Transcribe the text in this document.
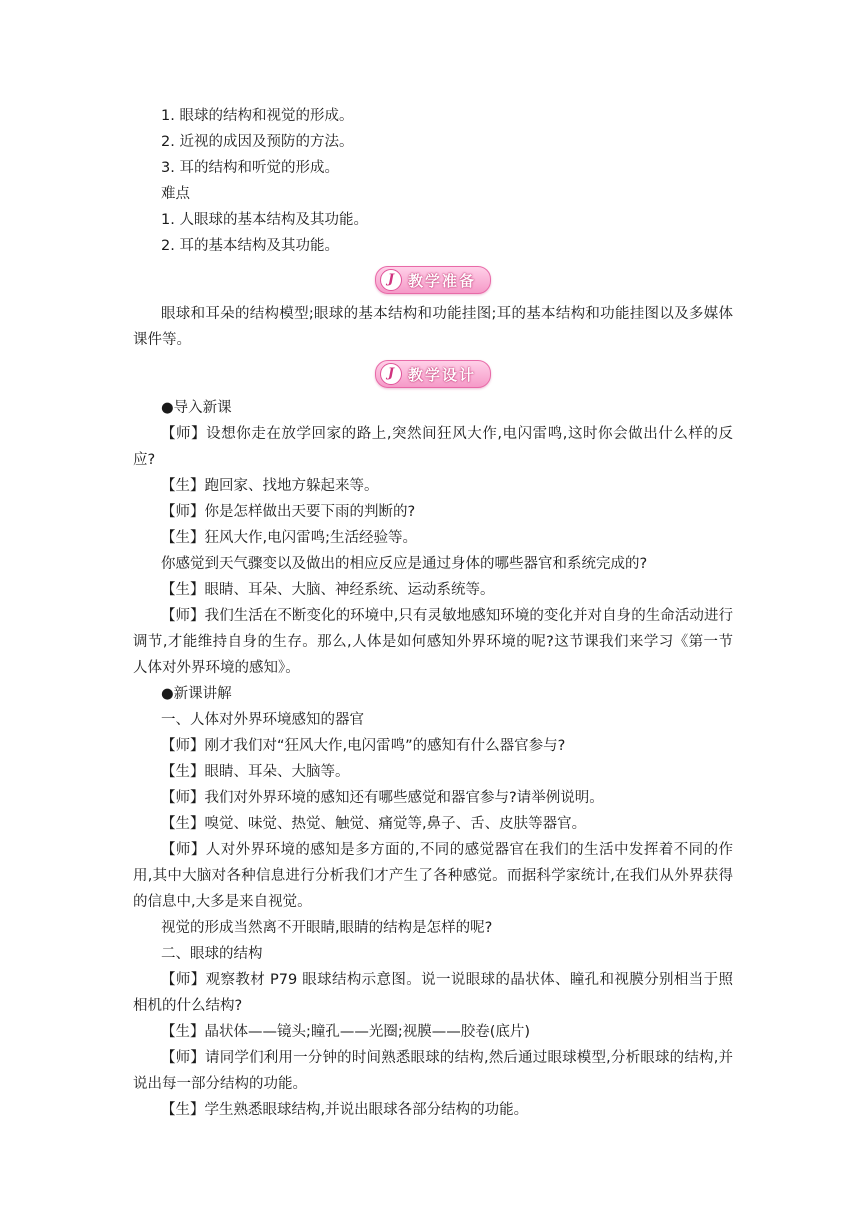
1. 眼球的结构和视觉的形成。

2. 近视的成因及预防的方法。

3. 耳的结构和听觉的形成。

难点

1. 人眼球的基本结构及其功能。

2. 耳的基本结构及其功能。

J 教学准备

眼球和耳朵的结构模型;眼球的基本结构和功能挂图;耳的基本结构和功能挂图以及多媒体课件等。

J 教学设计

●导入新课

【师】设想你走在放学回家的路上,突然间狂风大作,电闪雷鸣,这时你会做出什么样的反应?

【生】跑回家、找地方躲起来等。

【师】你是怎样做出天要下雨的判断的?

【生】狂风大作,电闪雷鸣;生活经验等。

你感觉到天气骤变以及做出的相应反应是通过身体的哪些器官和系统完成的?

【生】眼睛、耳朵、大脑、神经系统、运动系统等。

【师】我们生活在不断变化的环境中,只有灵敏地感知环境的变化并对自身的生命活动进行调节,才能维持自身的生存。那么,人体是如何感知外界环境的呢?这节课我们来学习《第一节　人体对外界环境的感知》。

●新课讲解

一、人体对外界环境感知的器官

【师】刚才我们对“狂风大作,电闪雷鸣”的感知有什么器官参与?

【生】眼睛、耳朵、大脑等。

【师】我们对外界环境的感知还有哪些感觉和器官参与?请举例说明。

【生】嗅觉、味觉、热觉、触觉、痛觉等,鼻子、舌、皮肤等器官。

【师】人对外界环境的感知是多方面的,不同的感觉器官在我们的生活中发挥着不同的作用,其中大脑对各种信息进行分析我们才产生了各种感觉。而据科学家统计,在我们从外界获得的信息中,大多是来自视觉。

视觉的形成当然离不开眼睛,眼睛的结构是怎样的呢?

二、眼球的结构

【师】观察教材 P79 眼球结构示意图。说一说眼球的晶状体、瞳孔和视膜分别相当于照相机的什么结构?

【生】晶状体——镜头;瞳孔——光圈;视膜——胶卷(底片)

【师】请同学们利用一分钟的时间熟悉眼球的结构,然后通过眼球模型,分析眼球的结构,并说出每一部分结构的功能。

【生】学生熟悉眼球结构,并说出眼球各部分结构的功能。
